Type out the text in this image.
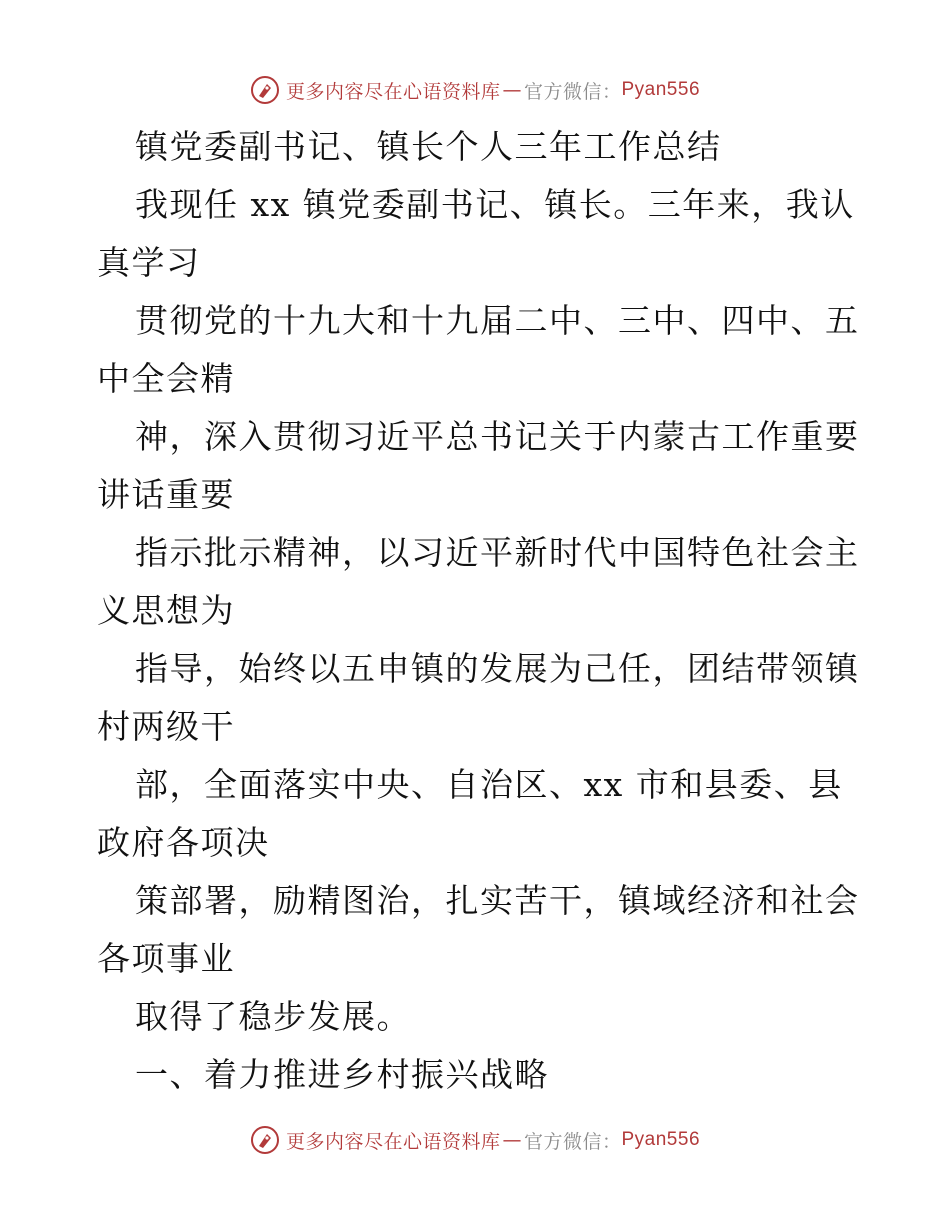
更多内容尽在心语资料库 — 官方微信： Pyan556
镇党委副书记、镇长个人三年工作总结
我现任 xx 镇党委副书记、镇长。三年来，我认
真学习
贯彻党的十九大和十九届二中、三中、四中、五
中全会精
神，深入贯彻习近平总书记关于内蒙古工作重要
讲话重要
指示批示精神，以习近平新时代中国特色社会主
义思想为
指导，始终以五申镇的发展为己任，团结带领镇
村两级干
部，全面落实中央、自治区、xx 市和县委、县
政府各项决
策部署，励精图治，扎实苦干，镇域经济和社会
各项事业
取得了稳步发展。
一、着力推进乡村振兴战略
更多内容尽在心语资料库 — 官方微信： Pyan556
